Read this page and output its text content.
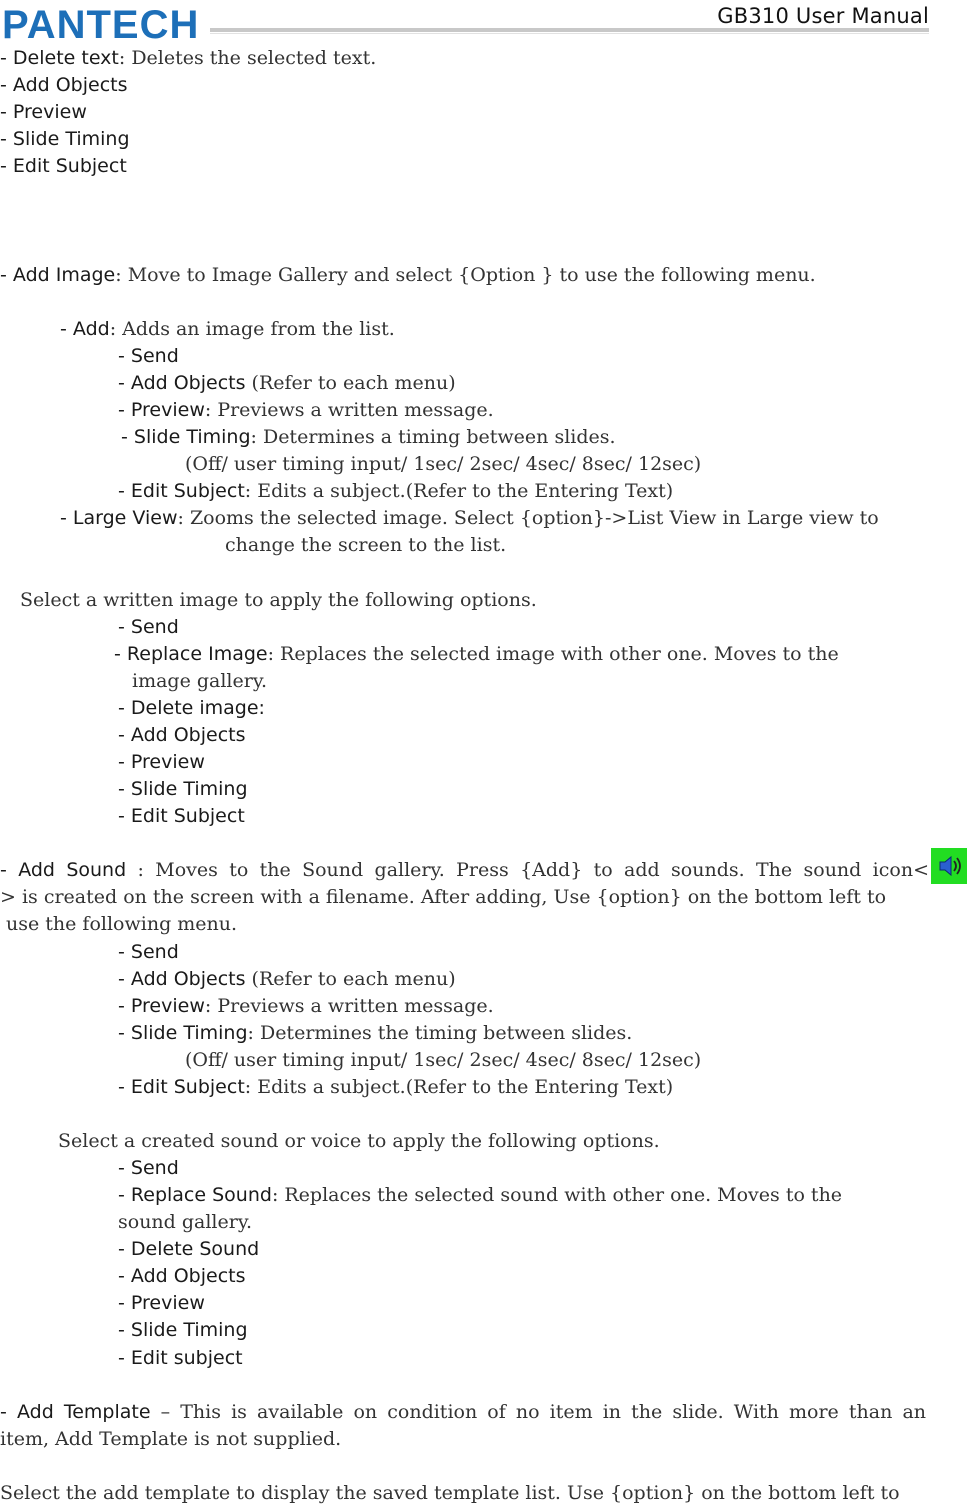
PANTECH	GB310 User Manual
- Delete text: Deletes the selected text.
- Add Objects
- Preview
- Slide Timing
- Edit Subject
- Add Image: Move to Image Gallery and select {Option } to use the following menu.
- Add: Adds an image from the list.
- Send
- Add Objects (Refer to each menu)
- Preview: Previews a written message.
- Slide Timing: Determines a timing between slides.
(Off/ user timing input/ 1sec/ 2sec/ 4sec/ 8sec/ 12sec)
- Edit Subject: Edits a subject.(Refer to the Entering Text)
- Large View: Zooms the selected image. Select {option}->List View in Large view to
change the screen to the list.
Select a written image to apply the following options.
- Send
- Replace Image: Replaces the selected image with other one. Moves to the
image gallery.
- Delete image:
- Add Objects
- Preview
- Slide Timing
- Edit Subject
- Add Sound : Moves to the Sound gallery. Press {Add} to add sounds. The sound icon<
> is created on the screen with a filename. After adding, Use {option} on the bottom left to
use the following menu.
- Send
- Add Objects (Refer to each menu)
- Preview: Previews a written message.
- Slide Timing: Determines the timing between slides.
(Off/ user timing input/ 1sec/ 2sec/ 4sec/ 8sec/ 12sec)
- Edit Subject: Edits a subject.(Refer to the Entering Text)
Select a created sound or voice to apply the following options.
- Send
- Replace Sound: Replaces the selected sound with other one. Moves to the
sound gallery.
- Delete Sound
- Add Objects
- Preview
- Slide Timing
- Edit subject
- Add Template – This is available on condition of no item in the slide. With more than an
item, Add Template is not supplied.
Select the add template to display the saved template list. Use {option} on the bottom left to
